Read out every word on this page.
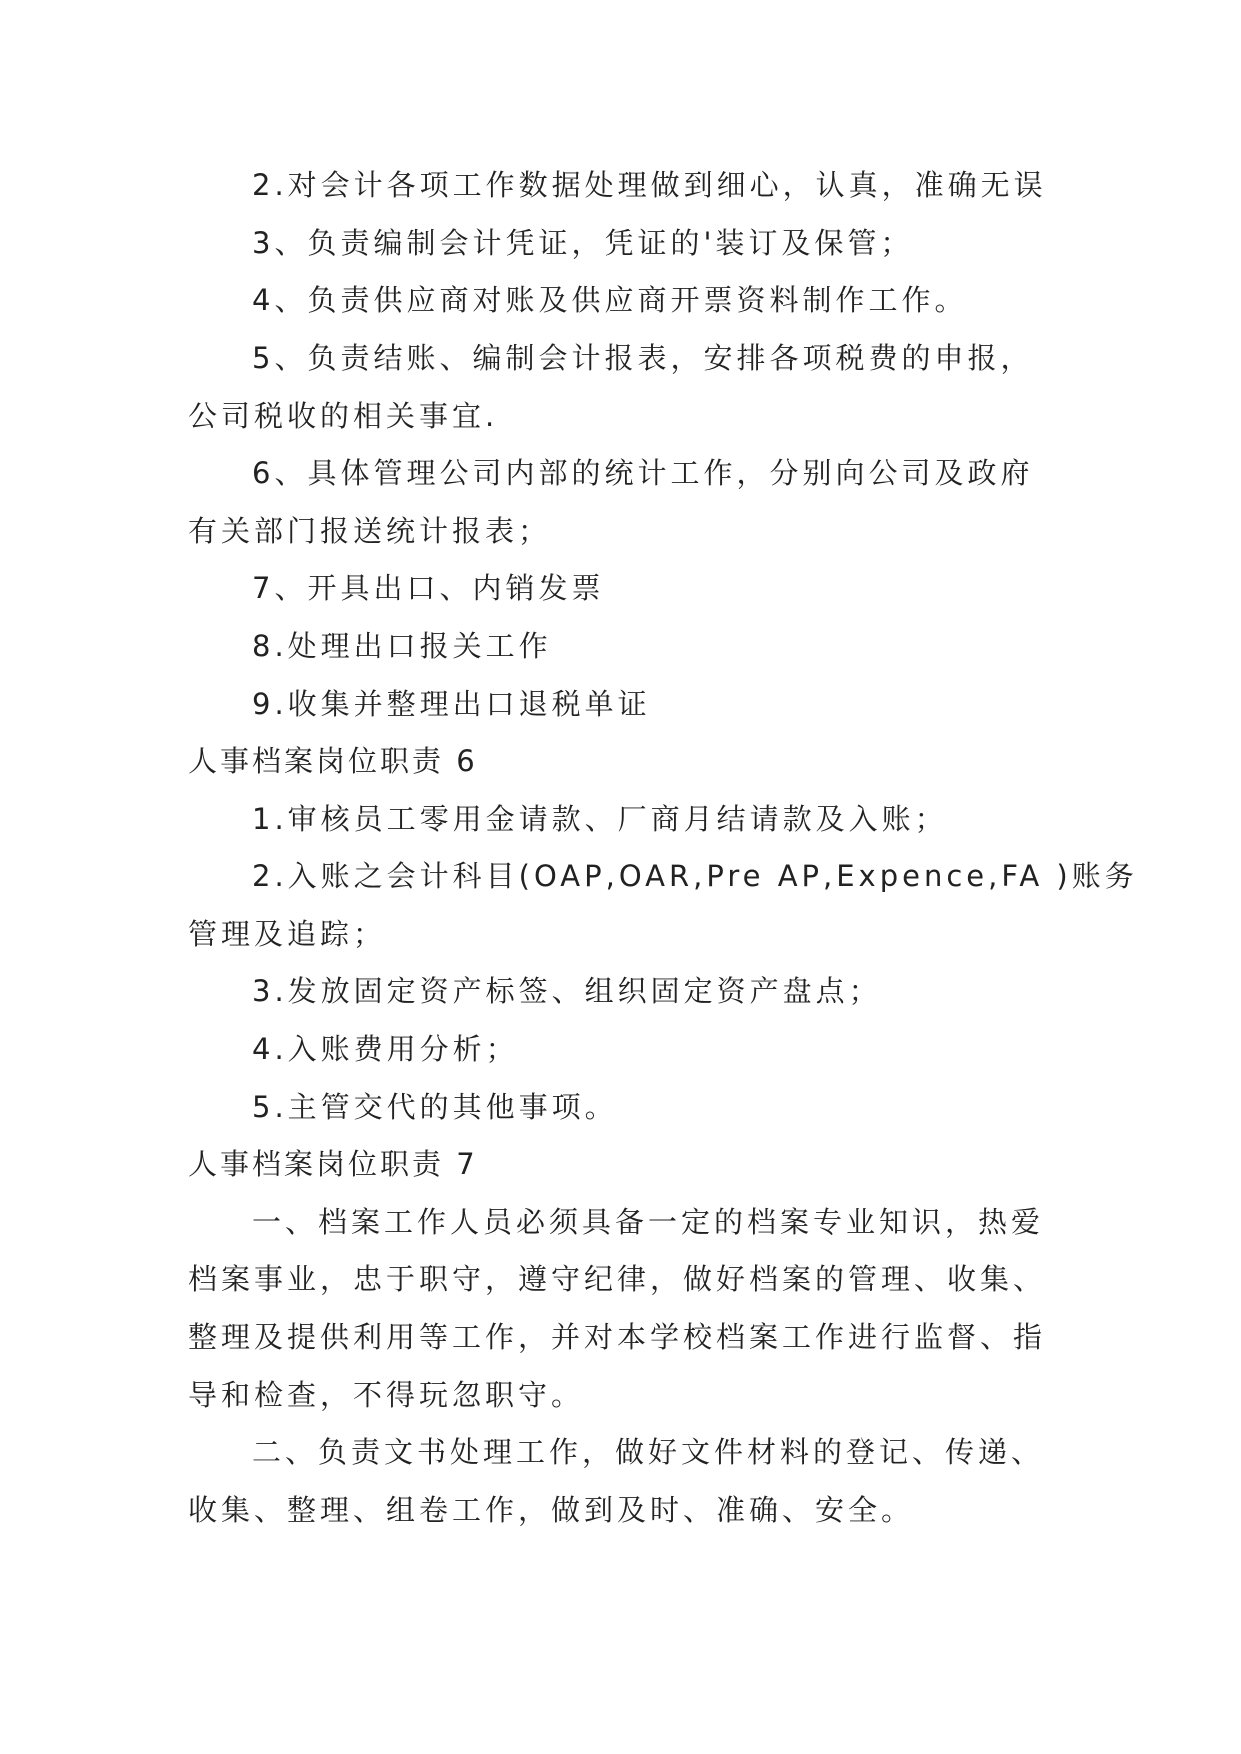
2.对会计各项工作数据处理做到细心，认真，准确无误

3、负责编制会计凭证，凭证的'装订及保管；

4、负责供应商对账及供应商开票资料制作工作。

5、负责结账、编制会计报表，安排各项税费的申报，

公司税收的相关事宜.

6、具体管理公司内部的统计工作，分别向公司及政府

有关部门报送统计报表；

7、开具出口、内销发票

8.处理出口报关工作

9.收集并整理出口退税单证

人事档案岗位职责 6

1.审核员工零用金请款、厂商月结请款及入账；

2.入账之会计科目(OAP,OAR,Pre AP,Expence,FA )账务

管理及追踪；

3.发放固定资产标签、组织固定资产盘点；

4.入账费用分析；

5.主管交代的其他事项。

人事档案岗位职责 7

一、档案工作人员必须具备一定的档案专业知识，热爱

档案事业，忠于职守，遵守纪律，做好档案的管理、收集、

整理及提供利用等工作，并对本学校档案工作进行监督、指

导和检查，不得玩忽职守。

二、负责文书处理工作，做好文件材料的登记、传递、

收集、整理、组卷工作，做到及时、准确、安全。
